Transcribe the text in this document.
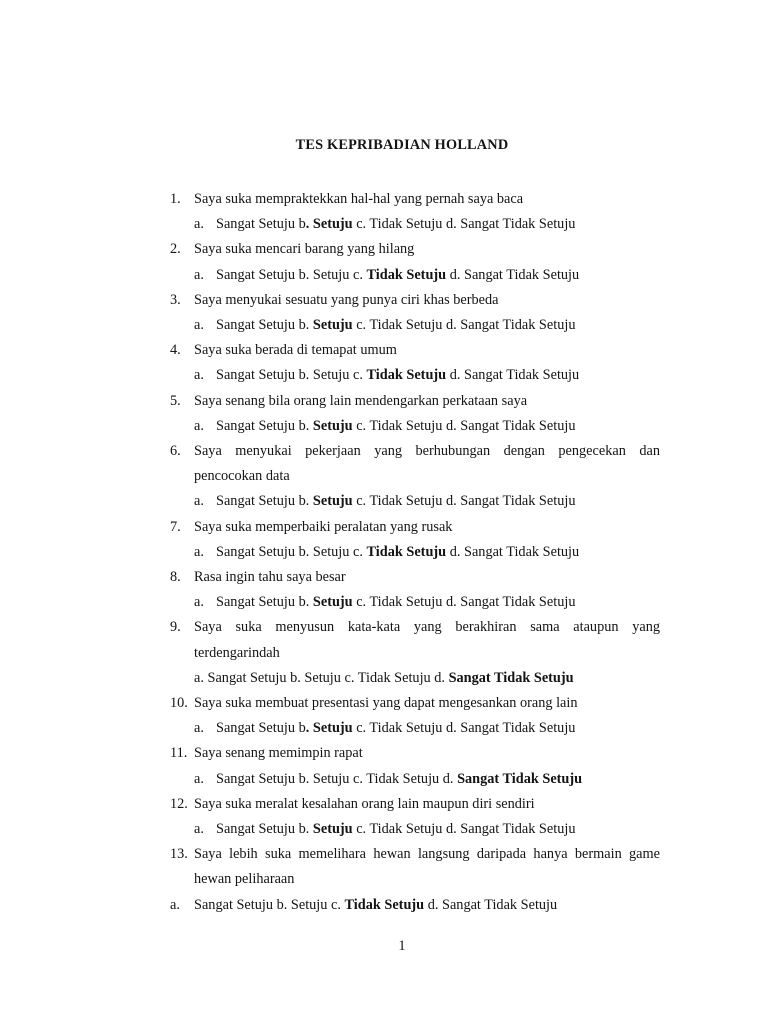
TES KEPRIBADIAN HOLLAND
1. Saya suka mempraktekkan hal-hal yang pernah saya baca
a. Sangat Setuju b. Setuju c. Tidak Setuju d. Sangat Tidak Setuju
2. Saya suka mencari barang yang hilang
a. Sangat Setuju b. Setuju c. Tidak Setuju d. Sangat Tidak Setuju
3. Saya menyukai sesuatu yang punya ciri khas berbeda
a. Sangat Setuju b. Setuju c. Tidak Setuju d. Sangat Tidak Setuju
4. Saya suka berada di temapat umum
a. Sangat Setuju b. Setuju c. Tidak Setuju d. Sangat Tidak Setuju
5. Saya senang bila orang lain mendengarkan perkataan saya
a. Sangat Setuju b. Setuju c. Tidak Setuju d. Sangat Tidak Setuju
6. Saya menyukai pekerjaan yang berhubungan dengan pengecekan dan pencocokan data
a. Sangat Setuju b. Setuju c. Tidak Setuju d. Sangat Tidak Setuju
7. Saya suka memperbaiki peralatan yang rusak
a. Sangat Setuju b. Setuju c. Tidak Setuju d. Sangat Tidak Setuju
8. Rasa ingin tahu saya besar
a. Sangat Setuju b. Setuju c. Tidak Setuju d. Sangat Tidak Setuju
9. Saya suka menyusun kata-kata yang berakhiran sama ataupun yang terdengarindah
a. Sangat Setuju b. Setuju c. Tidak Setuju d. Sangat Tidak Setuju
10. Saya suka membuat presentasi yang dapat mengesankan orang lain
a. Sangat Setuju b. Setuju c. Tidak Setuju d. Sangat Tidak Setuju
11. Saya senang memimpin rapat
a. Sangat Setuju b. Setuju c. Tidak Setuju d. Sangat Tidak Setuju
12. Saya suka meralat kesalahan orang lain maupun diri sendiri
a. Sangat Setuju b. Setuju c. Tidak Setuju d. Sangat Tidak Setuju
13. Saya lebih suka memelihara hewan langsung daripada hanya bermain game hewan peliharaan
a. Sangat Setuju b. Setuju c. Tidak Setuju d. Sangat Tidak Setuju
1
